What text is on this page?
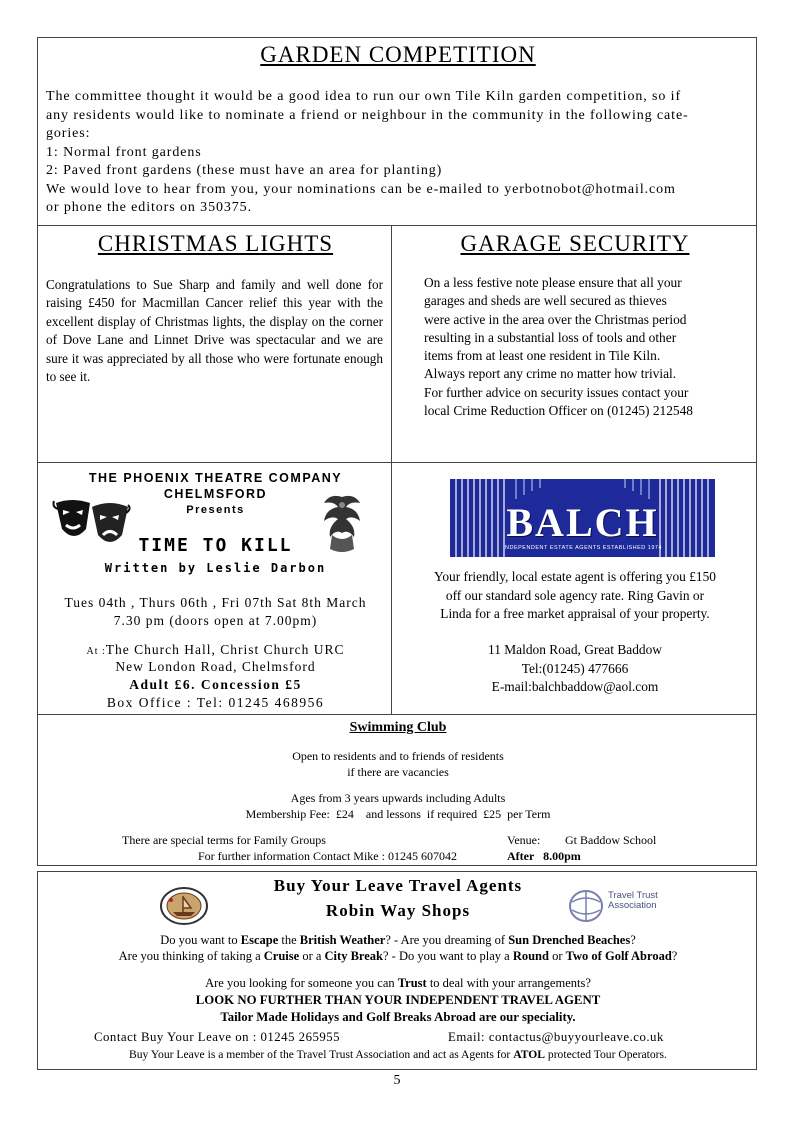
GARDEN COMPETITION
The committee thought it would be a good idea to run our own Tile Kiln garden competition, so if
any residents would like to nominate a friend or neighbour in the community in the following cate-
gories:
1: Normal front gardens
2: Paved front gardens (these must have an area for planting)
We would love to hear from you, your nominations can be e-mailed to yerbotnobot@hotmail.com
or phone the editors on 350375.
CHRISTMAS LIGHTS
Congratulations to Sue Sharp and family and well done for raising £450 for Macmillan Cancer relief this year with the excellent display of Christmas lights, the display on the corner of Dove Lane and Linnet Drive was spectacular and we are sure it was appreciated by all those who were fortunate enough to see it.
GARAGE SECURITY
On a less festive note please ensure that all your
garages and sheds are well secured as thieves
were active in the area over the Christmas period
resulting in a substantial loss of tools and other
items from at least one resident in Tile Kiln.
Always report any crime no matter how trivial.
For further advice on security issues contact your
local Crime Reduction Officer on (01245) 212548
THE PHOENIX THEATRE COMPANY
CHELMSFORD
Presents
TIME TO KILL
Written by Leslie Darbon
Tues 04th , Thurs 06th , Fri 07th Sat 8th March
7.30 pm (doors open at 7.00pm)
At :The Church Hall, Christ Church URC
New London Road, Chelmsford
Adult £6. Concession £5
Box Office : Tel: 01245 468956
BALCH
INDEPENDENT ESTATE AGENTS ESTABLISHED 1974
Your friendly, local estate agent is offering you £150
off our standard sole agency rate. Ring Gavin or
Linda for a free market appraisal of your property.
11 Maldon Road, Great Baddow
Tel:(01245) 477666
E-mail:balchbaddow@aol.com
Swimming Club
Open to residents and to friends of residents
if there are vacancies
Ages from 3 years upwards including Adults
Membership Fee:  £24    and lessons  if required  £25  per Term
There are special terms for Family Groups	Venue: Gt Baddow School
For further information Contact Mike : 01245 607042	After   8.00pm
Buy Your Leave Travel Agents
Robin Way Shops
Travel Trust Association
Do you want to Escape the British Weather? - Are you dreaming of Sun Drenched Beaches?
Are you thinking of taking a Cruise or a City Break? - Do you want to play a Round or Two of Golf Abroad?
Are you looking for someone you can Trust to deal with your arrangements?
LOOK NO FURTHER THAN YOUR INDEPENDENT TRAVEL AGENT
Tailor Made Holidays and Golf Breaks Abroad are our speciality.
Contact Buy Your Leave on : 01245 265955	Email: contactus@buyyourleave.co.uk
Buy Your Leave is a member of the Travel Trust Association and act as Agents for ATOL protected Tour Operators.
5
